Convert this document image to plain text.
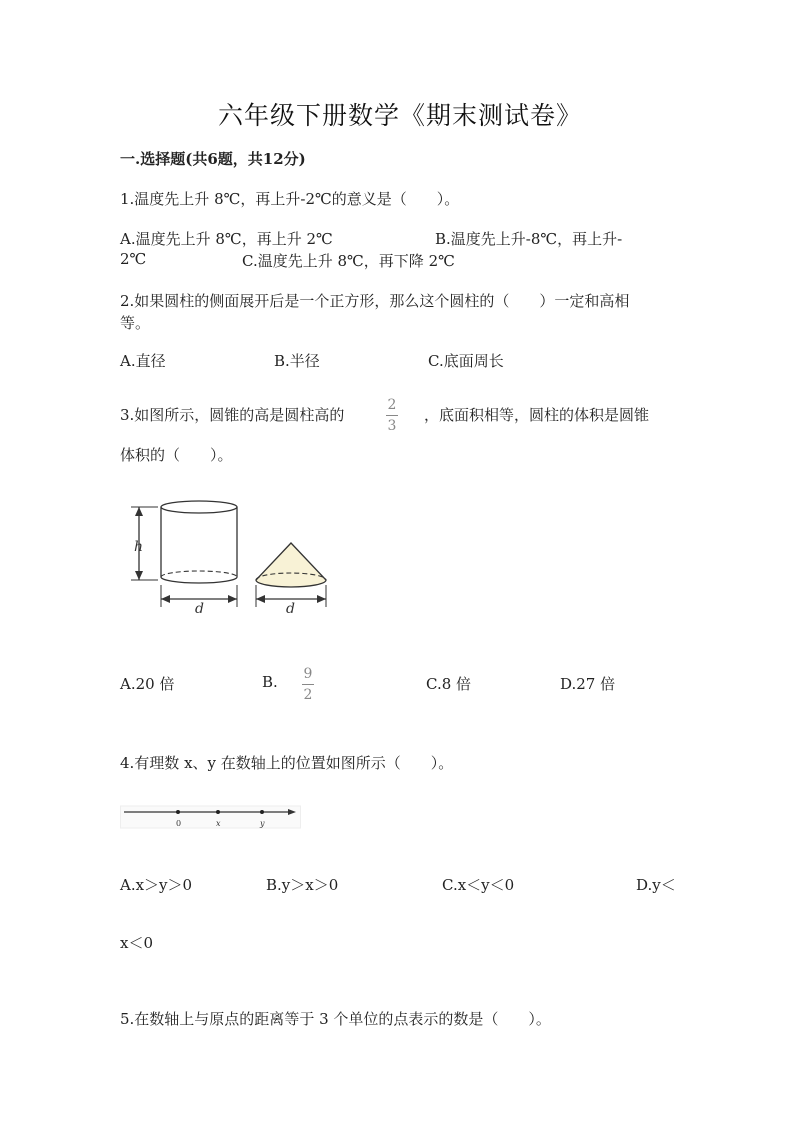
六年级下册数学《期末测试卷》
一.选择题(共6题，共12分)
1.温度先上升 8℃，再上升-2℃的意义是（　　）。
A.温度先上升 8℃，再上升 2℃	B.温度先上升-8℃，再上升-
2℃	C.温度先上升 8℃，再下降 2℃
2.如果圆柱的侧面展开后是一个正方形，那么这个圆柱的（　　）一定和高相
等。
A.直径	B.半径	C.底面周长
3.如图所示，圆锥的高是圆柱高的
2
3
，底面积相等，圆柱的体积是圆锥
体积的（　　）。
h
d	d
A.20 倍	B. 9
2
C.8 倍	D.27 倍
4.有理数 x、y 在数轴上的位置如图所示（　　）。
0	x	y
A.x＞y＞0	B.y＞x＞0	C.x＜y＜0	D.y＜
x＜0
5.在数轴上与原点的距离等于 3 个单位的点表示的数是（　　）。
